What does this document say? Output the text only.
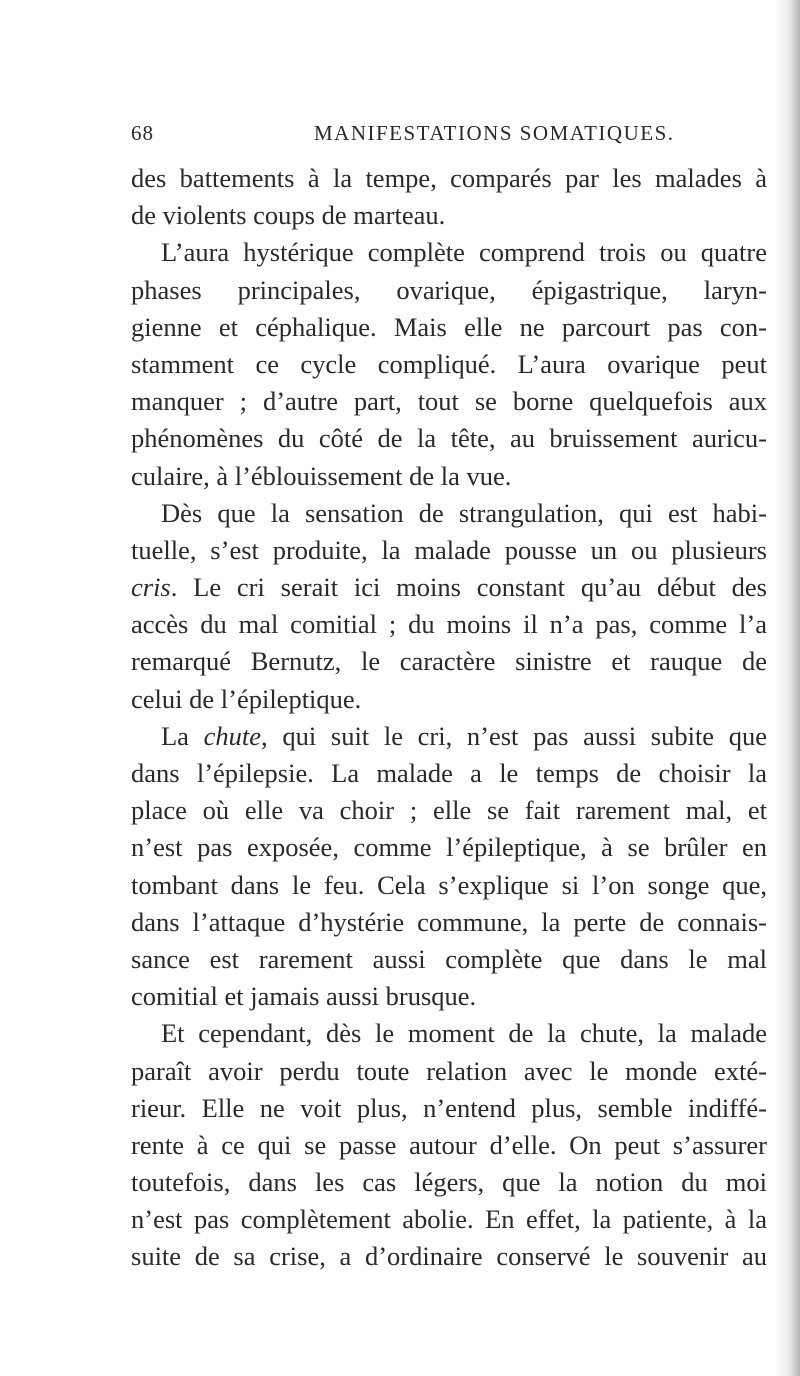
68	MANIFESTATIONS SOMATIQUES.
des battements à la tempe, comparés par les malades à
de violents coups de marteau.
L’aura hystérique complète comprend trois ou quatre
phases principales, ovarique, épigastrique, laryn-
gienne et céphalique. Mais elle ne parcourt pas con-
stamment ce cycle compliqué. L’aura ovarique peut
manquer ; d’autre part, tout se borne quelquefois aux
phénomènes du côté de la tête, au bruissement auricu-
culaire, à l’éblouissement de la vue.
Dès que la sensation de strangulation, qui est habi-
tuelle, s’est produite, la malade pousse un ou plusieurs
cris. Le cri serait ici moins constant qu’au début des
accès du mal comitial ; du moins il n’a pas, comme l’a
remarqué Bernutz, le caractère sinistre et rauque de
celui de l’épileptique.
La chute, qui suit le cri, n’est pas aussi subite que
dans l’épilepsie. La malade a le temps de choisir la
place où elle va choir ; elle se fait rarement mal, et
n’est pas exposée, comme l’épileptique, à se brûler en
tombant dans le feu. Cela s’explique si l’on songe que,
dans l’attaque d’hystérie commune, la perte de connais-
sance est rarement aussi complète que dans le mal
comitial et jamais aussi brusque.
Et cependant, dès le moment de la chute, la malade
paraît avoir perdu toute relation avec le monde exté-
rieur. Elle ne voit plus, n’entend plus, semble indiffé-
rente à ce qui se passe autour d’elle. On peut s’assurer
toutefois, dans les cas légers, que la notion du moi
n’est pas complètement abolie. En effet, la patiente, à la
suite de sa crise, a d’ordinaire conservé le souvenir au
